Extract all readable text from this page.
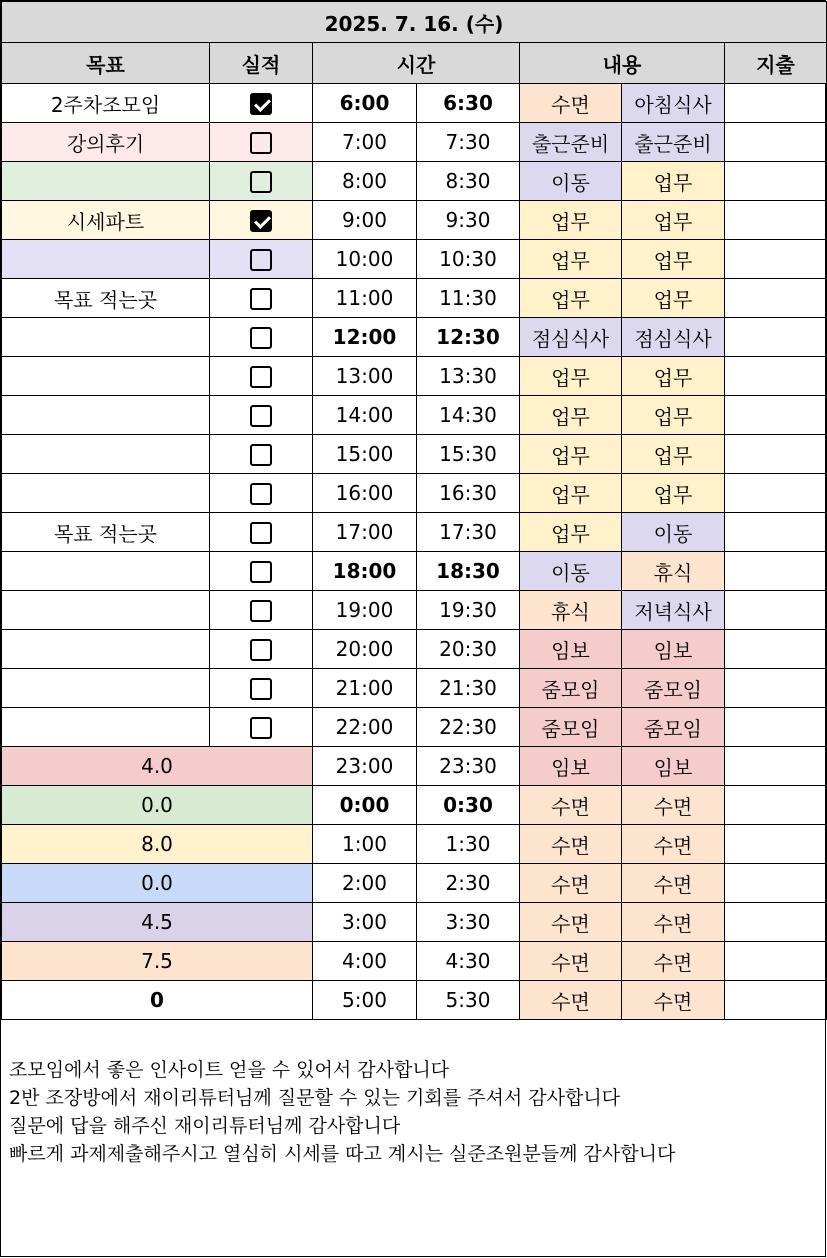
2025. 7. 16. (수)						
목표	실적	시간		내용		지출
2주차조모임		6:00	6:30	수면	아침식사	
강의후기		7:00	7:30	출근준비	출근준비	
		8:00	8:30	이동	업무	
시세파트		9:00	9:30	업무	업무	
		10:00	10:30	업무	업무	
목표 적는곳		11:00	11:30	업무	업무	
		12:00	12:30	점심식사	점심식사	
		13:00	13:30	업무	업무	
		14:00	14:30	업무	업무	
		15:00	15:30	업무	업무	
		16:00	16:30	업무	업무	
목표 적는곳		17:00	17:30	업무	이동	
		18:00	18:30	이동	휴식	
		19:00	19:30	휴식	저녁식사	
		20:00	20:30	임보	임보	
		21:00	21:30	줌모임	줌모임	
		22:00	22:30	줌모임	줌모임	
4.0		23:00	23:30	임보	임보	
0.0		0:00	0:30	수면	수면	
8.0		1:00	1:30	수면	수면	
0.0		2:00	2:30	수면	수면	
4.5		3:00	3:30	수면	수면	
7.5		4:00	4:30	수면	수면	
0		5:00	5:30	수면	수면	
조모임에서 좋은 인사이트 얻을 수 있어서 감사합니다
2반 조장방에서 재이리튜터님께 질문할 수 있는 기회를 주셔서 감사합니다
질문에 답을 해주신 재이리튜터님께 감사합니다
빠르게 과제제출해주시고 열심히 시세를 따고 계시는 실준조원분들께 감사합니다
